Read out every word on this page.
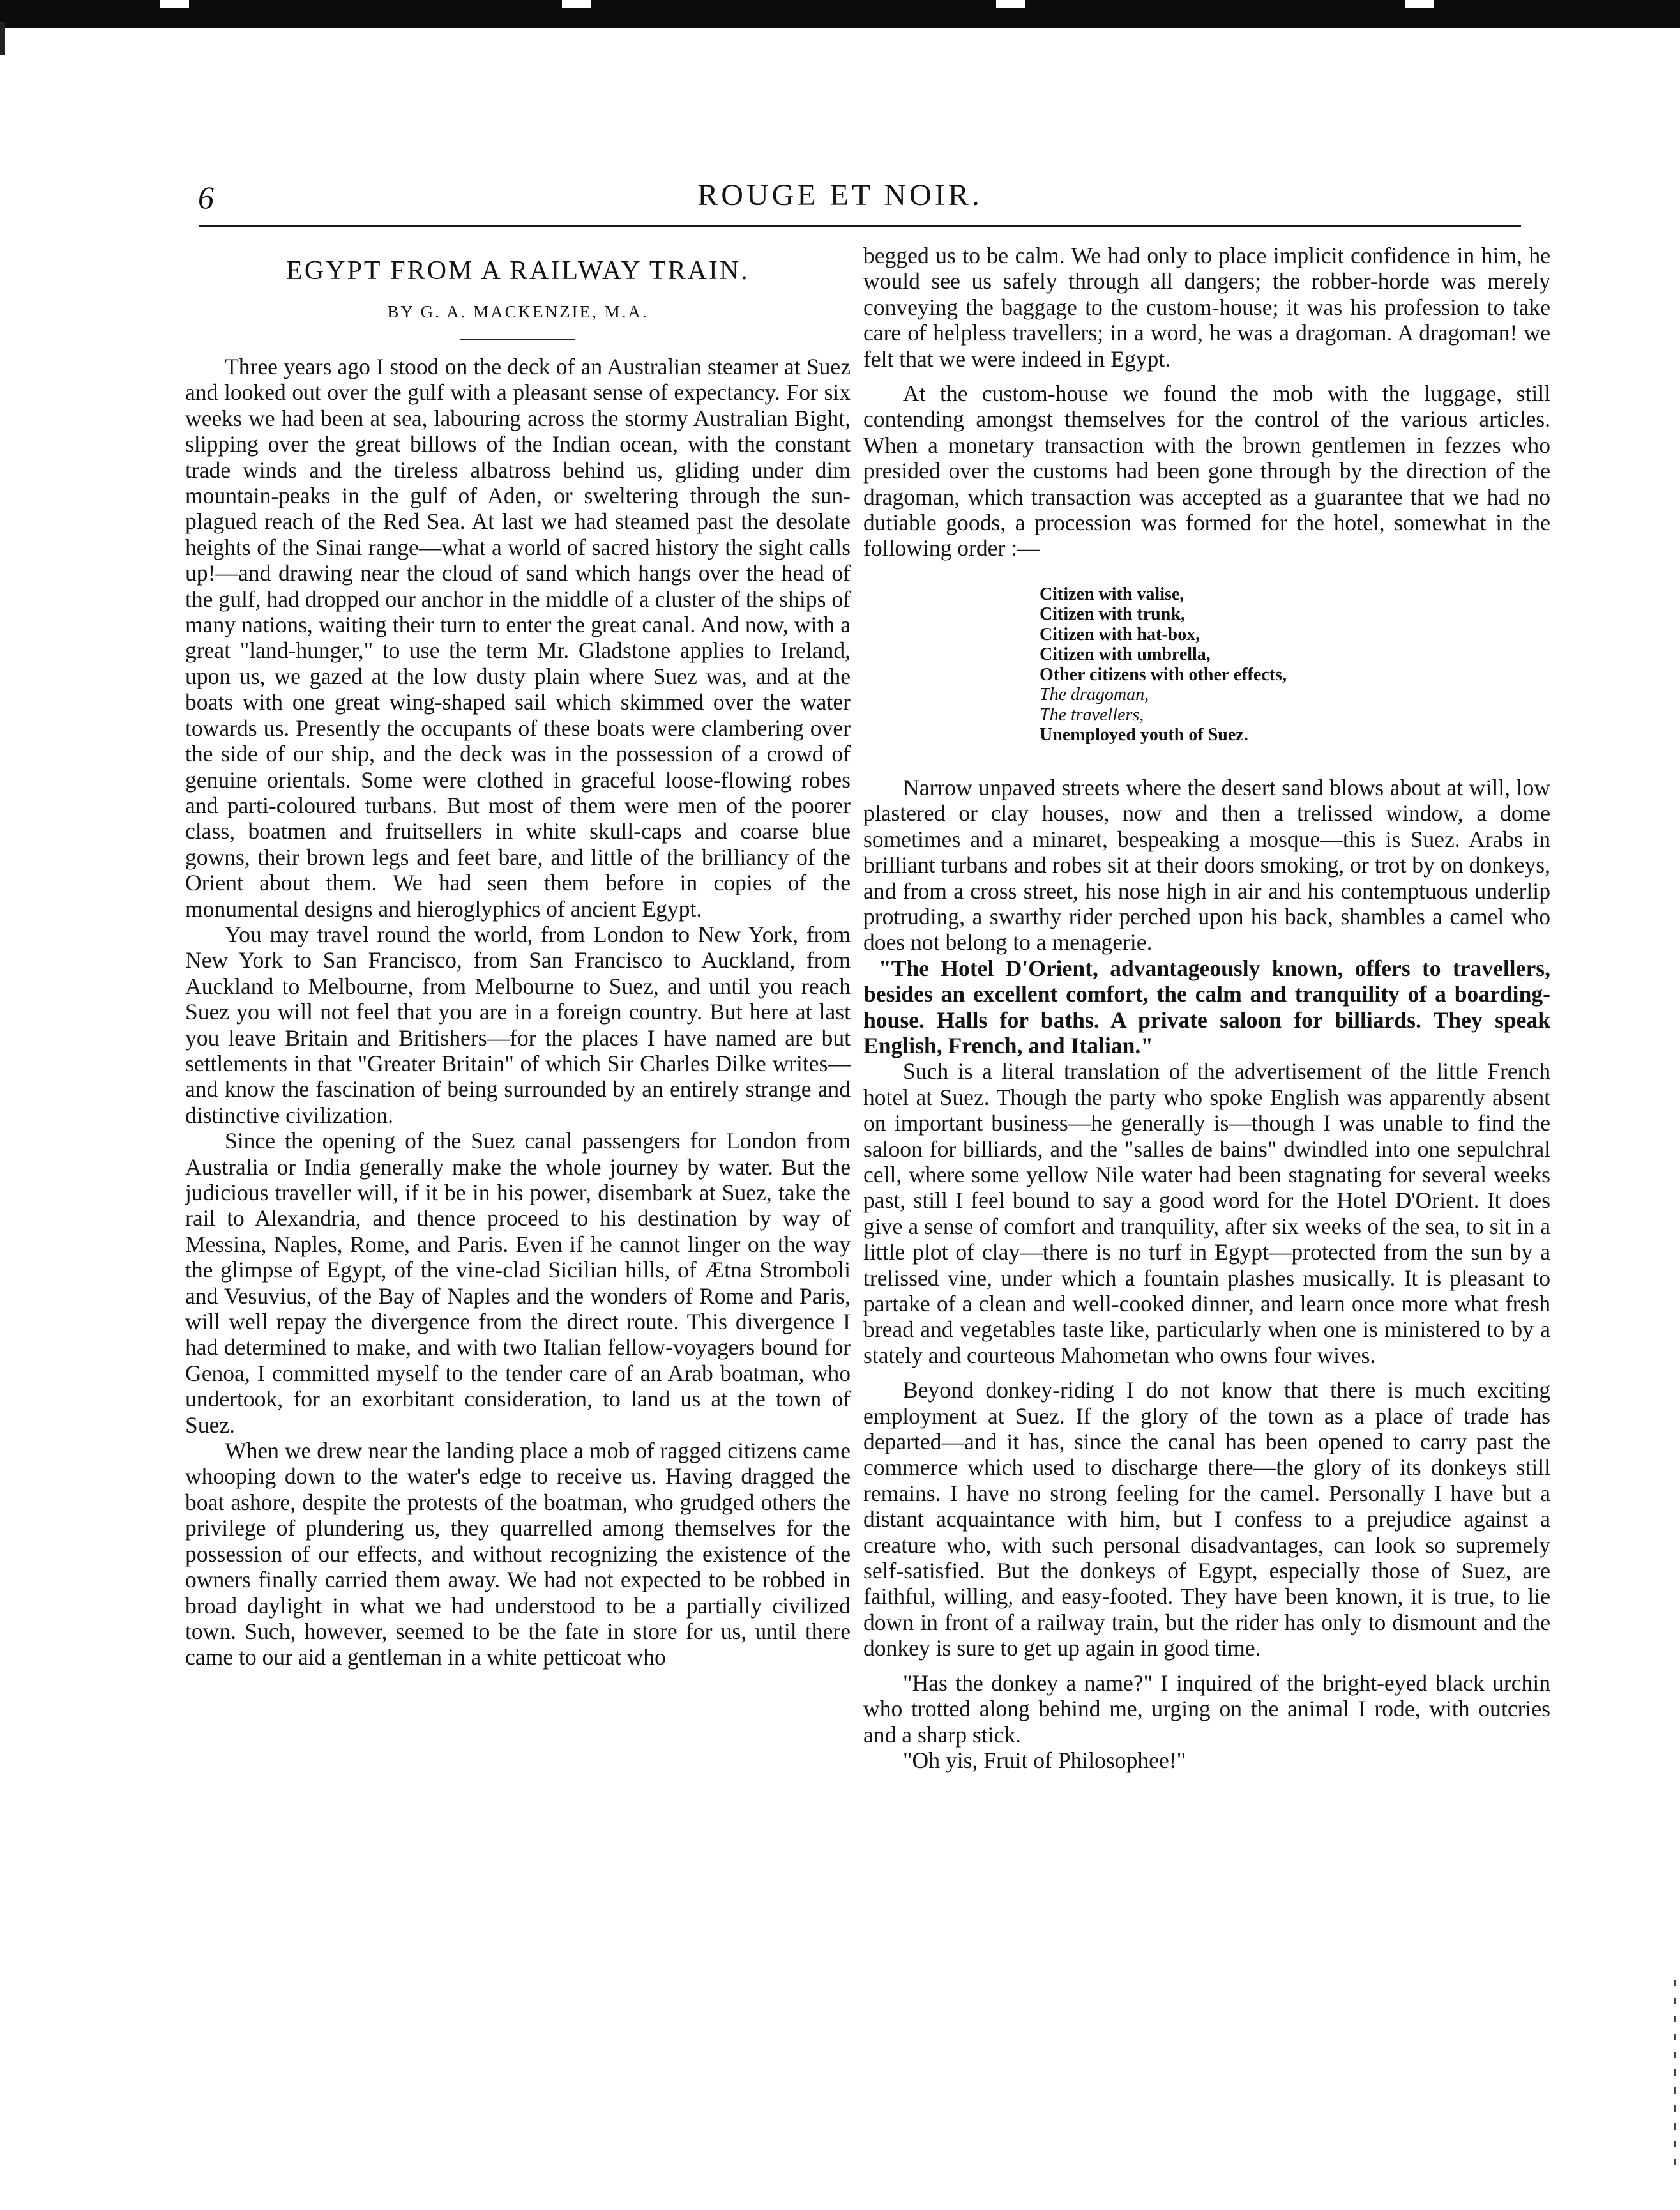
6	ROUGE ET NOIR.
EGYPT FROM A RAILWAY TRAIN.
BY G. A. MACKENZIE, M.A.

Three years ago I stood on the deck of an Australian steamer at Suez and looked out over the gulf with a pleasant sense of expectancy. For six weeks we had been at sea, labouring across the stormy Australian Bight, slipping over the great billows of the Indian ocean, with the constant trade winds and the tireless albatross behind us, gliding under dim mountain-peaks in the gulf of Aden, or sweltering through the sun-plagued reach of the Red Sea. At last we had steamed past the desolate heights of the Sinai range—what a world of sacred history the sight calls up!—and drawing near the cloud of sand which hangs over the head of the gulf, had dropped our anchor in the middle of a cluster of the ships of many nations, waiting their turn to enter the great canal. And now, with a great "land-hunger," to use the term Mr. Gladstone applies to Ireland, upon us, we gazed at the low dusty plain where Suez was, and at the boats with one great wing-shaped sail which skimmed over the water towards us. Presently the occupants of these boats were clambering over the side of our ship, and the deck was in the possession of a crowd of genuine orientals. Some were clothed in graceful loose-flowing robes and parti-coloured turbans. But most of them were men of the poorer class, boatmen and fruitsellers in white skull-caps and coarse blue gowns, their brown legs and feet bare, and little of the brilliancy of the Orient about them. We had seen them before in copies of the monumental designs and hieroglyphics of ancient Egypt.

You may travel round the world, from London to New York, from New York to San Francisco, from San Francisco to Auckland, from Auckland to Melbourne, from Melbourne to Suez, and until you reach Suez you will not feel that you are in a foreign country. But here at last you leave Britain and Britishers—for the places I have named are but settlements in that "Greater Britain" of which Sir Charles Dilke writes—and know the fascination of being surrounded by an entirely strange and distinctive civilization.

Since the opening of the Suez canal passengers for London from Australia or India generally make the whole journey by water. But the judicious traveller will, if it be in his power, disembark at Suez, take the rail to Alexandria, and thence proceed to his destination by way of Messina, Naples, Rome, and Paris. Even if he cannot linger on the way the glimpse of Egypt, of the vine-clad Sicilian hills, of Ætna Stromboli and Vesuvius, of the Bay of Naples and the wonders of Rome and Paris, will well repay the divergence from the direct route. This divergence I had determined to make, and with two Italian fellow-voyagers bound for Genoa, I committed myself to the tender care of an Arab boatman, who undertook, for an exorbitant consideration, to land us at the town of Suez.

When we drew near the landing place a mob of ragged citizens came whooping down to the water's edge to receive us. Having dragged the boat ashore, despite the protests of the boatman, who grudged others the privilege of plundering us, they quarrelled among themselves for the possession of our effects, and without recognizing the existence of the owners finally carried them away. We had not expected to be robbed in broad daylight in what we had understood to be a partially civilized town. Such, however, seemed to be the fate in store for us, until there came to our aid a gentleman in a white petticoat who

begged us to be calm. We had only to place implicit confidence in him, he would see us safely through all dangers; the robber-horde was merely conveying the baggage to the custom-house; it was his profession to take care of helpless travellers; in a word, he was a dragoman. A dragoman! we felt that we were indeed in Egypt.

At the custom-house we found the mob with the luggage, still contending amongst themselves for the control of the various articles. When a monetary transaction with the brown gentlemen in fezzes who presided over the customs had been gone through by the direction of the dragoman, which transaction was accepted as a guarantee that we had no dutiable goods, a procession was formed for the hotel, somewhat in the following order :—

Citizen with valise,
Citizen with trunk,
Citizen with hat-box,
Citizen with umbrella,
Other citizens with other effects,
The dragoman,
The travellers,
Unemployed youth of Suez.

Narrow unpaved streets where the desert sand blows about at will, low plastered or clay houses, now and then a trelissed window, a dome sometimes and a minaret, bespeaking a mosque—this is Suez. Arabs in brilliant turbans and robes sit at their doors smoking, or trot by on donkeys, and from a cross street, his nose high in air and his contemptuous underlip protruding, a swarthy rider perched upon his back, shambles a camel who does not belong to a menagerie.

"The Hotel D'Orient, advantageously known, offers to travellers, besides an excellent comfort, the calm and tranquility of a boarding-house. Halls for baths. A private saloon for billiards. They speak English, French, and Italian."

Such is a literal translation of the advertisement of the little French hotel at Suez. Though the party who spoke English was apparently absent on important business—he generally is—though I was unable to find the saloon for billiards, and the "salles de bains" dwindled into one sepulchral cell, where some yellow Nile water had been stagnating for several weeks past, still I feel bound to say a good word for the Hotel D'Orient. It does give a sense of comfort and tranquility, after six weeks of the sea, to sit in a little plot of clay—there is no turf in Egypt—protected from the sun by a trelissed vine, under which a fountain plashes musically. It is pleasant to partake of a clean and well-cooked dinner, and learn once more what fresh bread and vegetables taste like, particularly when one is ministered to by a stately and courteous Mahometan who owns four wives.

Beyond donkey-riding I do not know that there is much exciting employment at Suez. If the glory of the town as a place of trade has departed—and it has, since the canal has been opened to carry past the commerce which used to discharge there—the glory of its donkeys still remains. I have no strong feeling for the camel. Personally I have but a distant acquaintance with him, but I confess to a prejudice against a creature who, with such personal disadvantages, can look so supremely self-satisfied. But the donkeys of Egypt, especially those of Suez, are faithful, willing, and easy-footed. They have been known, it is true, to lie down in front of a railway train, but the rider has only to dismount and the donkey is sure to get up again in good time.

"Has the donkey a name?" I inquired of the bright-eyed black urchin who trotted along behind me, urging on the animal I rode, with outcries and a sharp stick.

"Oh yis, Fruit of Philosophee!"
